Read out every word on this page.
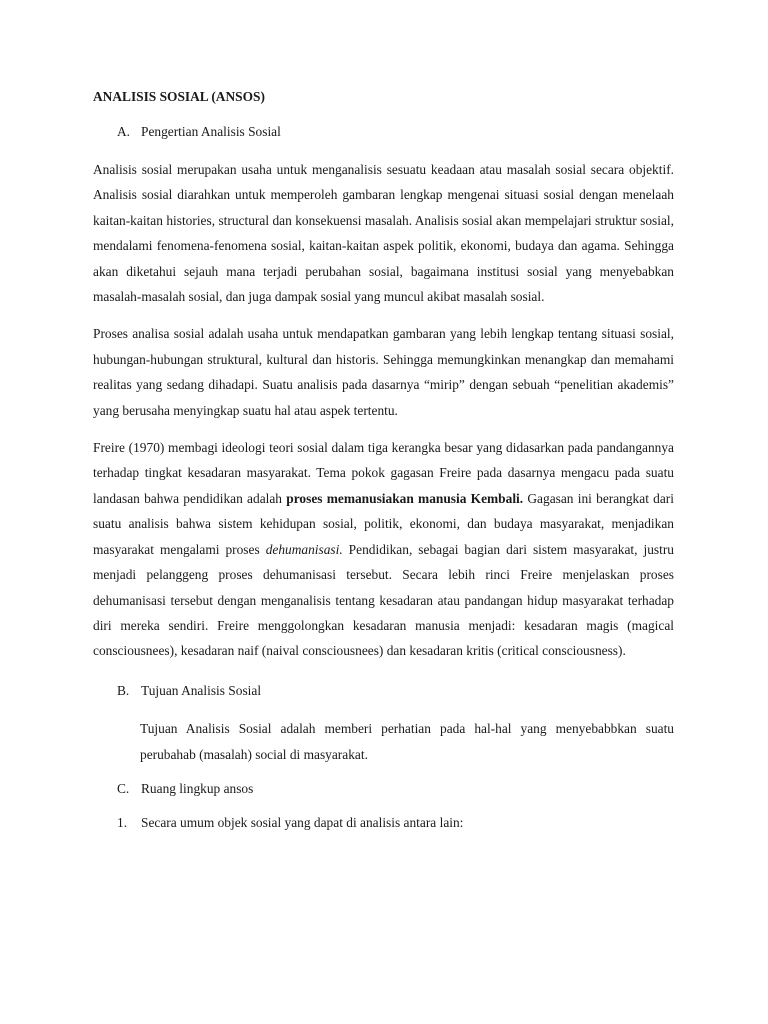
ANALISIS SOSIAL (ANSOS)
A. Pengertian Analisis Sosial

Analisis sosial merupakan usaha untuk menganalisis sesuatu keadaan atau masalah sosial secara objektif. Analisis sosial diarahkan untuk memperoleh gambaran lengkap mengenai situasi sosial dengan menelaah kaitan-kaitan histories, structural dan konsekuensi masalah. Analisis sosial akan mempelajari struktur sosial, mendalami fenomena-fenomena sosial, kaitan-kaitan aspek politik, ekonomi, budaya dan agama. Sehingga akan diketahui sejauh mana terjadi perubahan sosial, bagaimana institusi sosial yang menyebabkan masalah-masalah sosial, dan juga dampak sosial yang muncul akibat masalah sosial.

Proses analisa sosial adalah usaha untuk mendapatkan gambaran yang lebih lengkap tentang situasi sosial, hubungan-hubungan struktural, kultural dan historis. Sehingga memungkinkan menangkap dan memahami realitas yang sedang dihadapi. Suatu analisis pada dasarnya “mirip” dengan sebuah “penelitian akademis” yang berusaha menyingkap suatu hal atau aspek tertentu.

Freire (1970) membagi ideologi teori sosial dalam tiga kerangka besar yang didasarkan pada pandangannya terhadap tingkat kesadaran masyarakat. Tema pokok gagasan Freire pada dasarnya mengacu pada suatu landasan bahwa pendidikan adalah proses memanusiakan manusia Kembali. Gagasan ini berangkat dari suatu analisis bahwa sistem kehidupan sosial, politik, ekonomi, dan budaya masyarakat, menjadikan masyarakat mengalami proses dehumanisasi. Pendidikan, sebagai bagian dari sistem masyarakat, justru menjadi pelanggeng proses dehumanisasi tersebut. Secara lebih rinci Freire menjelaskan proses dehumanisasi tersebut dengan menganalisis tentang kesadaran atau pandangan hidup masyarakat terhadap diri mereka sendiri. Freire menggolongkan kesadaran manusia menjadi: kesadaran magis (magical consciousnees), kesadaran naif (naival consciousnees) dan kesadaran kritis (critical consciousness).

B. Tujuan Analisis Sosial

Tujuan Analisis Sosial adalah memberi perhatian pada hal-hal yang menyebabbkan suatu perubahab (masalah) social di masyarakat.

C. Ruang lingkup ansos
1.	Secara umum objek sosial yang dapat di analisis antara lain:
